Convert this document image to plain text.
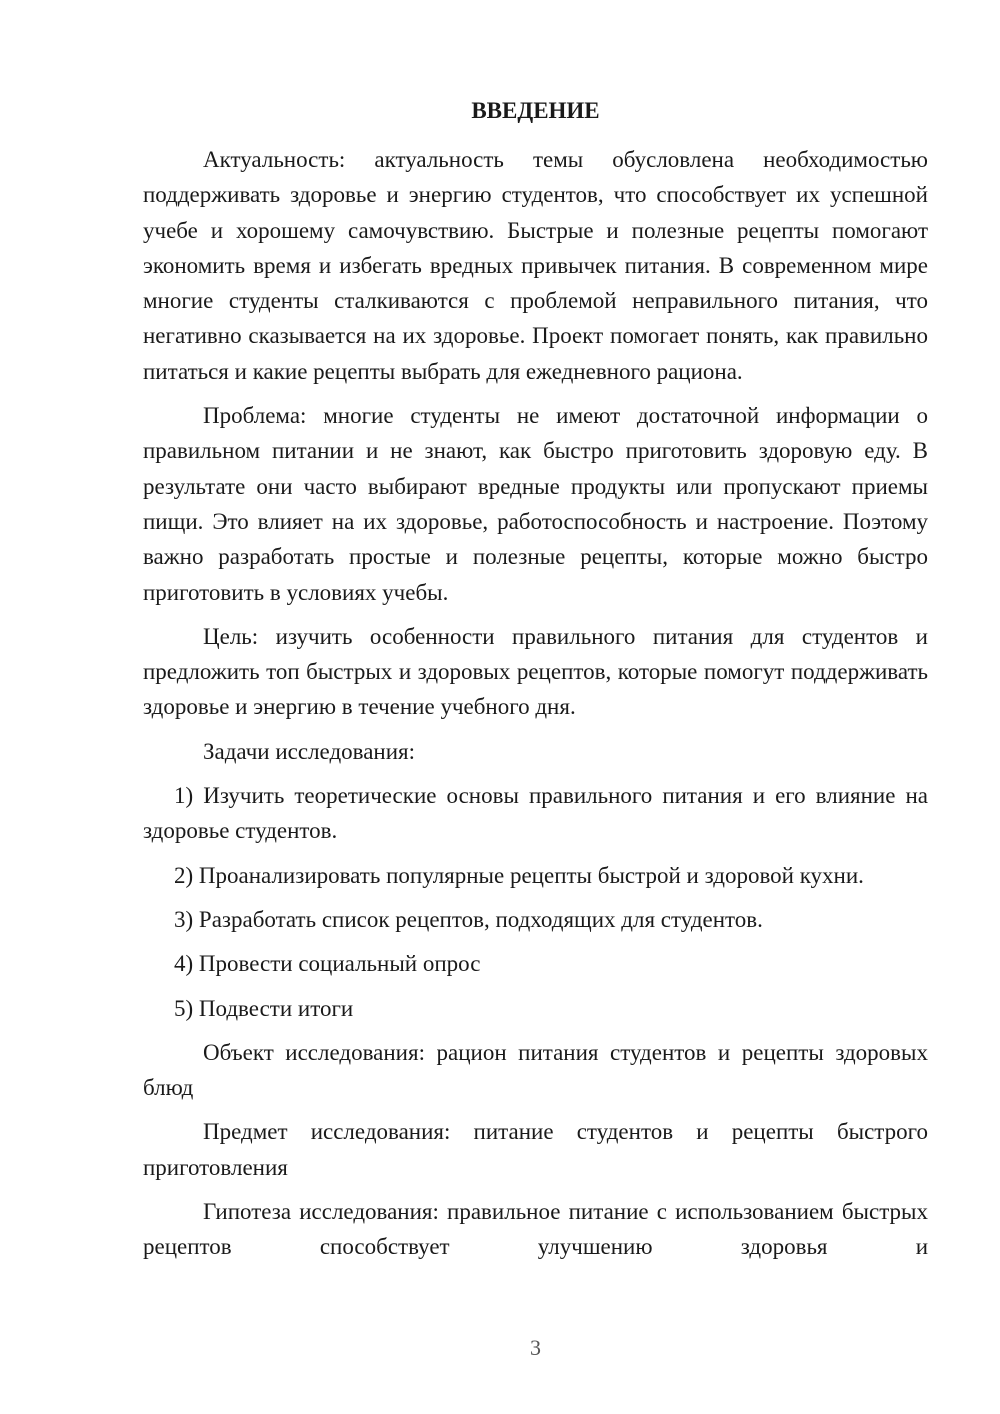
ВВЕДЕНИЕ

Актуальность: актуальность темы обусловлена необходимостью поддерживать здоровье и энергию студентов, что способствует их успешной учебе и хорошему самочувствию. Быстрые и полезные рецепты помогают экономить время и избегать вредных привычек питания. В современном мире многие студенты сталкиваются с проблемой неправильного питания, что негативно сказывается на их здоровье. Проект помогает понять, как правильно питаться и какие рецепты выбрать для ежедневного рациона.

Проблема: многие студенты не имеют достаточной информации о правильном питании и не знают, как быстро приготовить здоровую еду. В результате они часто выбирают вредные продукты или пропускают приемы пищи. Это влияет на их здоровье, работоспособность и настроение. Поэтому важно разработать простые и полезные рецепты, которые можно быстро приготовить в условиях учебы.

Цель: изучить особенности правильного питания для студентов и предложить топ быстрых и здоровых рецептов, которые помогут поддерживать здоровье и энергию в течение учебного дня.

Задачи исследования:

1) Изучить теоретические основы правильного питания и его влияние на здоровье студентов.

2) Проанализировать популярные рецепты быстрой и здоровой кухни.

3) Разработать список рецептов, подходящих для студентов.

4) Провести социальный опрос

5) Подвести итоги

Объект исследования: рацион питания студентов и рецепты здоровых блюд

Предмет исследования: питание студентов и рецепты быстрого приготовления

Гипотеза исследования: правильное питание с использованием быстрых рецептов способствует улучшению здоровья и

3
